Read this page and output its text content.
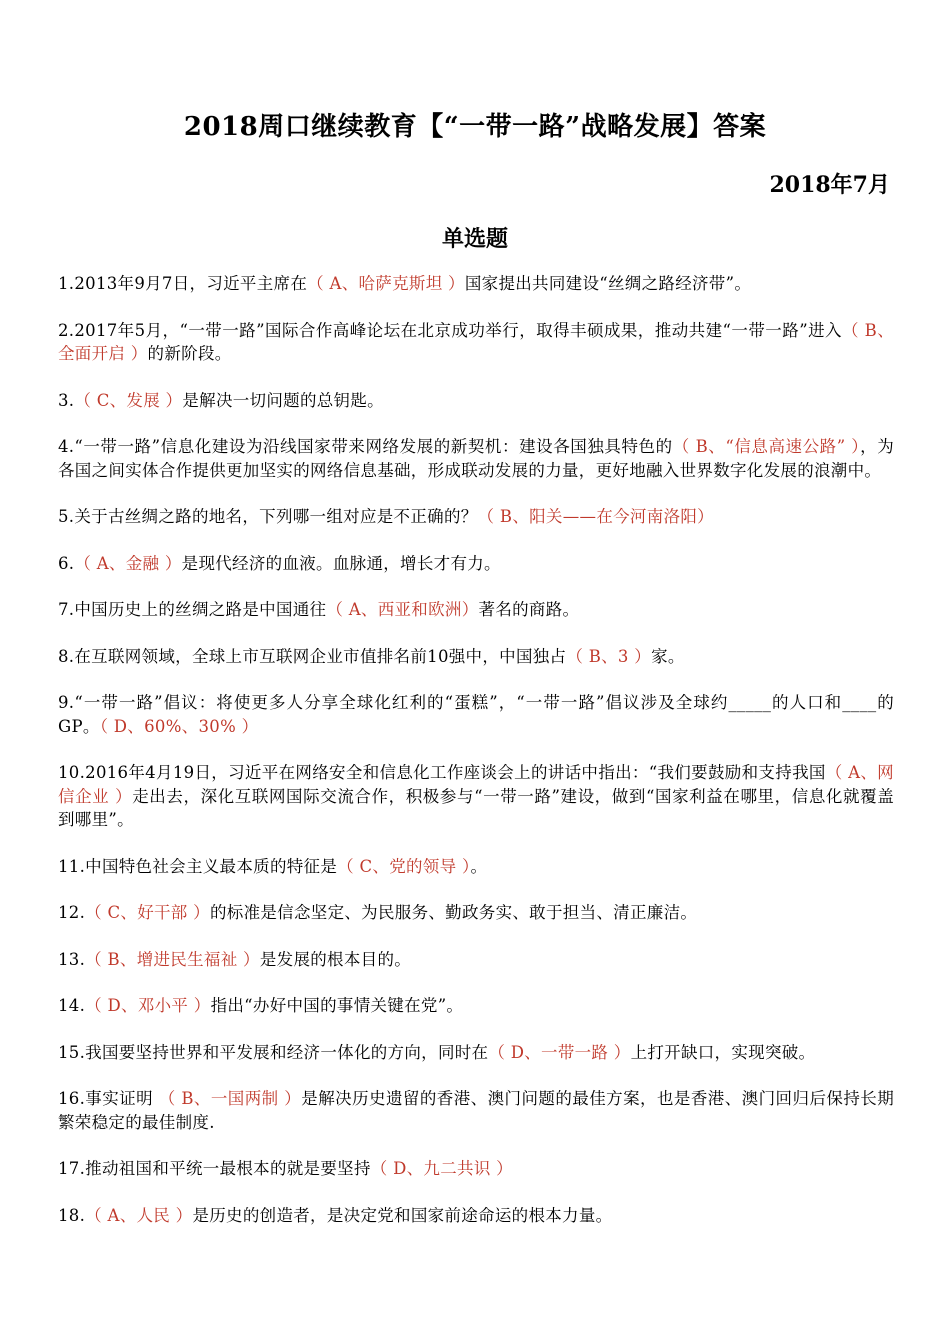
2018周口继续教育【“一带一路”战略发展】答案
2018年7月
单选题

1.2013年9月7日，习近平主席在（ A、哈萨克斯坦 ）国家提出共同建设“丝绸之路经济带”。

2.2017年5月，“一带一路”国际合作高峰论坛在北京成功举行，取得丰硕成果，推动共建“一带一路”进入（ B、全面开启 ）的新阶段。

3.（ C、发展 ）是解决一切问题的总钥匙。

4.“一带一路”信息化建设为沿线国家带来网络发展的新契机：建设各国独具特色的（ B、“信息高速公路” ），为各国之间实体合作提供更加坚实的网络信息基础，形成联动发展的力量，更好地融入世界数字化发展的浪潮中。

5.关于古丝绸之路的地名，下列哪一组对应是不正确的？（ B、阳关——在今河南洛阳）

6.（ A、金融 ）是现代经济的血液。血脉通，增长才有力。

7.中国历史上的丝绸之路是中国通往（ A、西亚和欧洲）著名的商路。

8.在互联网领域，全球上市互联网企业市值排名前10强中，中国独占（ B、3 ）家。

9.“一带一路”倡议：将使更多人分享全球化红利的“蛋糕”，“一带一路”倡议涉及全球约_____的人口和____的GP。（ D、60%、30% ）

10.2016年4月19日，习近平在网络安全和信息化工作座谈会上的讲话中指出：“我们要鼓励和支持我国（ A、网信企业 ）走出去，深化互联网国际交流合作，积极参与“一带一路”建设，做到“国家利益在哪里，信息化就覆盖到哪里”。

11.中国特色社会主义最本质的特征是（ C、党的领导 ）。

12.（ C、好干部 ）的标准是信念坚定、为民服务、勤政务实、敢于担当、清正廉洁。

13.（ B、增进民生福祉 ）是发展的根本目的。

14.（ D、邓小平 ）指出“办好中国的事情关键在党”。

15.我国要坚持世界和平发展和经济一体化的方向，同时在（ D、一带一路 ）上打开缺口，实现突破。

16.事实证明 （ B、一国两制 ）是解决历史遗留的香港、澳门问题的最佳方案，也是香港、澳门回归后保持长期繁荣稳定的最佳制度.

17.推动祖国和平统一最根本的就是要坚持（ D、九二共识 ）

18.（ A、人民 ）是历史的创造者，是决定党和国家前途命运的根本力量。
